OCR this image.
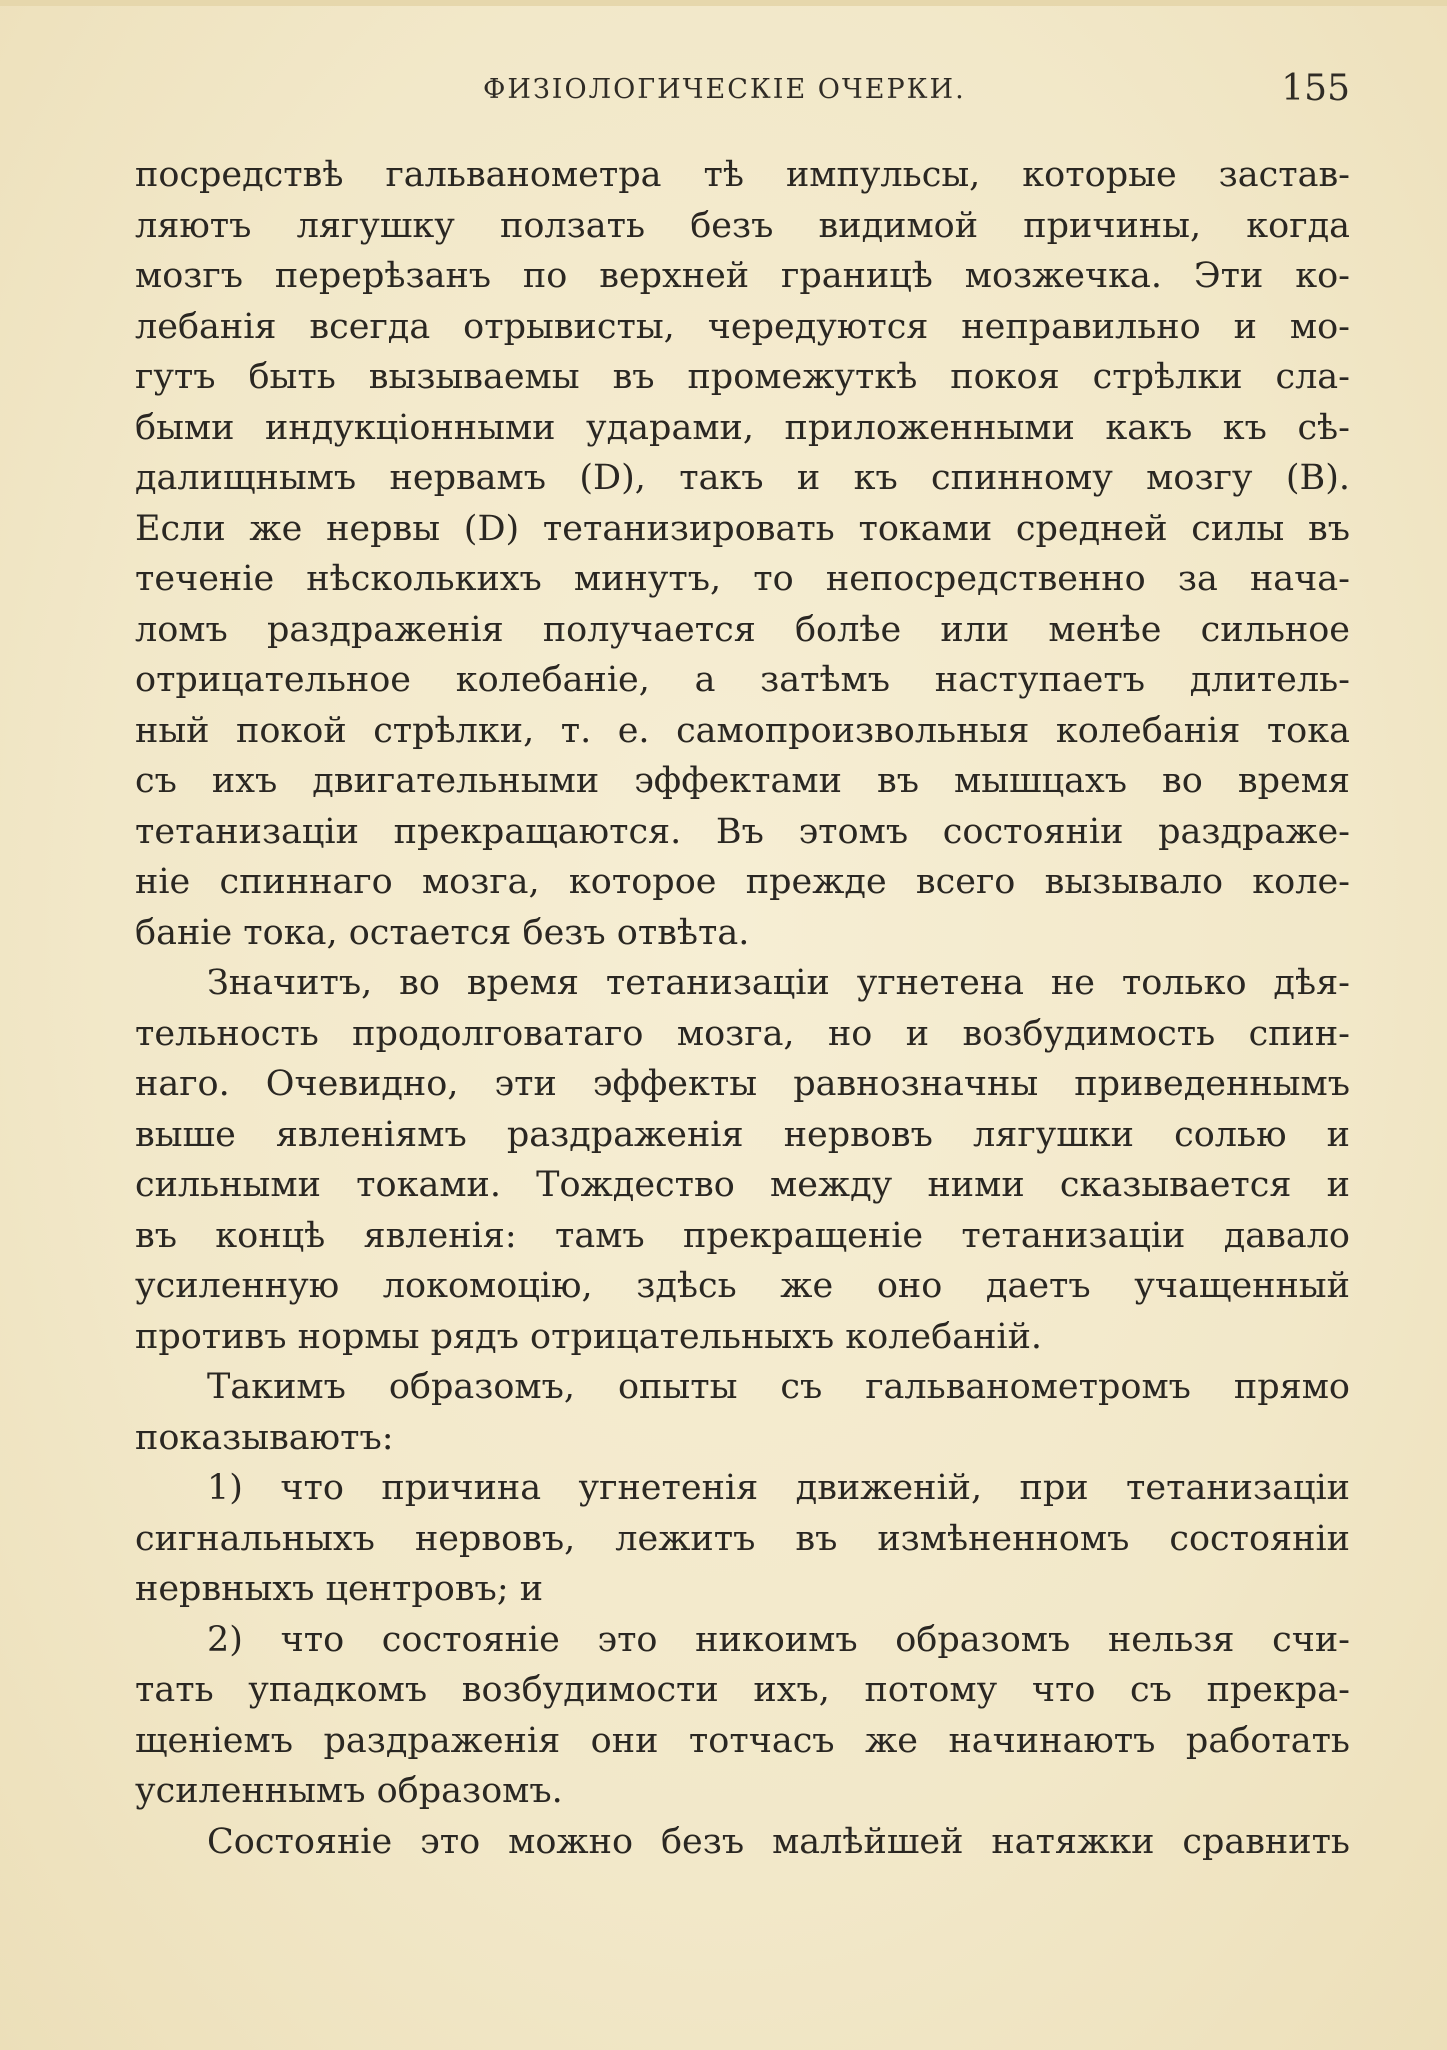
ФИЗІОЛОГИЧЕСКІЕ ОЧЕРКИ.	155
посредствѣ гальванометра тѣ импульсы, которые застав-
ляютъ лягушку ползать безъ видимой причины, когда
мозгъ перерѣзанъ по верхней границѣ мозжечка. Эти ко-
лебанія всегда отрывисты, чередуются неправильно и мо-
гутъ быть вызываемы въ промежуткѣ покоя стрѣлки сла-
быми индукціонными ударами, приложенными какъ къ сѣ-
далищнымъ нервамъ (D), такъ и къ спинному мозгу (B).
Если же нервы (D) тетанизировать токами средней силы въ
теченіе нѣсколькихъ минутъ, то непосредственно за нача-
ломъ раздраженія получается болѣе или менѣе сильное
отрицательное колебаніе, а затѣмъ наступаетъ длитель-
ный покой стрѣлки, т. е. самопроизвольныя колебанія тока
съ ихъ двигательными эффектами въ мышцахъ во время
тетанизаціи прекращаются. Въ этомъ состояніи раздраже-
ніе спиннаго мозга, которое прежде всего вызывало коле-
баніе тока, остается безъ отвѣта.
Значитъ, во время тетанизаціи угнетена не только дѣя-
тельность продолговатаго мозга, но и возбудимость спин-
наго. Очевидно, эти эффекты равнозначны приведеннымъ
выше явленіямъ раздраженія нервовъ лягушки солью и
сильными токами. Тождество между ними сказывается и
въ концѣ явленія: тамъ прекращеніе тетанизаціи давало
усиленную локомоцію, здѣсь же оно даетъ учащенный
противъ нормы рядъ отрицательныхъ колебаній.
Такимъ образомъ, опыты съ гальванометромъ прямо
показываютъ:
1) что причина угнетенія движеній, при тетанизаціи
сигнальныхъ нервовъ, лежитъ въ измѣненномъ состояніи
нервныхъ центровъ; и
2) что состояніе это никоимъ образомъ нельзя счи-
тать упадкомъ возбудимости ихъ, потому что съ прекра-
щеніемъ раздраженія они тотчасъ же начинаютъ работать
усиленнымъ образомъ.
Состояніе это можно безъ малѣйшей натяжки сравнить
